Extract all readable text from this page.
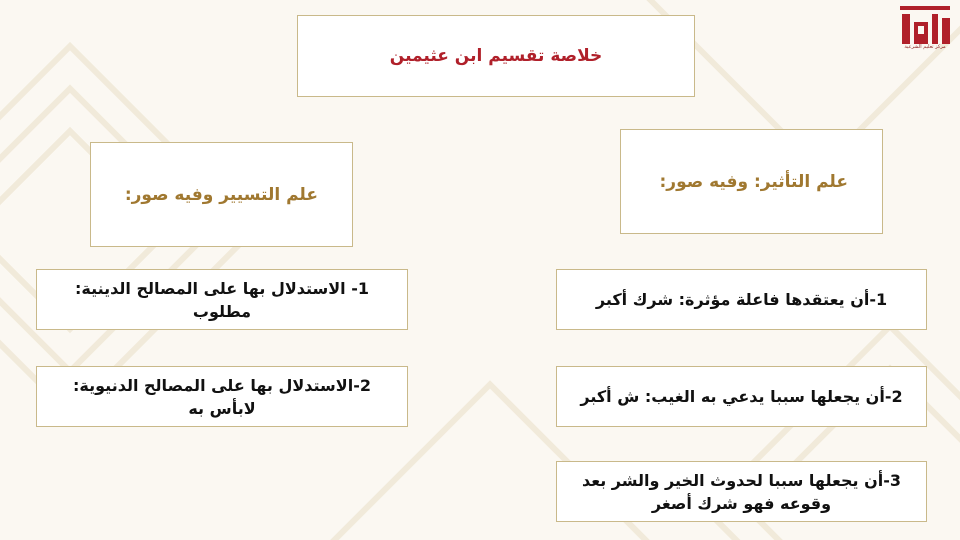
مركز تعليم الشرعية
خلاصة تقسيم ابن عثيمين
علم التأثير: وفيه صور:
علم التسيير وفيه صور:
1-أن يعتقدها فاعلة مؤثرة: شرك أكبر
2-أن يجعلها سببا يدعي به الغيب: ش أكبر
3-أن يجعلها سببا لحدوث الخير والشر بعد وقوعه فهو شرك أصغر
1- الاستدلال بها على المصالح الدينية: مطلوب
2-الاستدلال بها على المصالح الدنيوية: لابأس به
